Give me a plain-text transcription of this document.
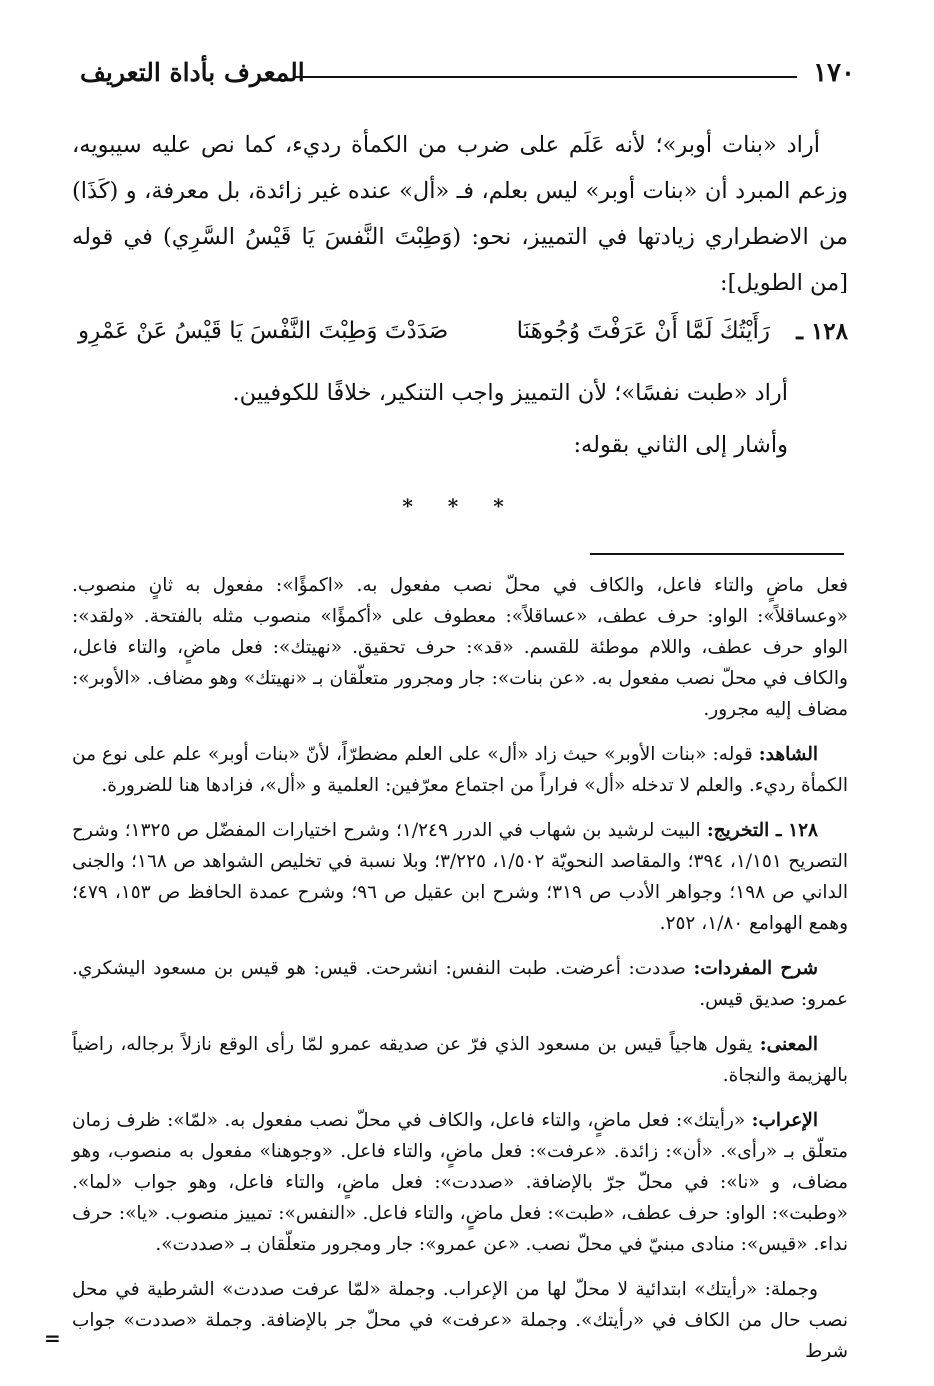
١٧٠
المعرف بأداة التعريف

أراد «بنات أوبر»؛ لأنه عَلَم على ضرب من الكمأة رديء، كما نص عليه سيبويه، وزعم المبرد أن «بنات أوبر» ليس بعلم، فـ «أل» عنده غير زائدة، بل معرفة، و (كَذَا) من الاضطراري زيادتها في التمييز، نحو: (وَطِبْتَ النَّفسَ يَا قَيْسُ السَّرِي) في قوله [من الطويل]:

١٢٨ ـ
رَأَيْتُكَ لَمَّا أَنْ عَرَفْتَ وُجُوهَنَا
صَدَدْتَ وَطِبْتَ النَّفْسَ يَا قَيْسُ عَنْ عَمْرِو
أراد «طبت نفسًا»؛ لأن التمييز واجب التنكير، خلافًا للكوفيين.
وأشار إلى الثاني بقوله:
* * *

فعل ماضٍ والتاء فاعل، والكاف في محلّ نصب مفعول به. «اكمؤًا»: مفعول به ثانٍ منصوب. «وعساقلاً»: الواو: حرف عطف، «عساقلاً»: معطوف على «أكمؤًا» منصوب مثله بالفتحة. «ولقد»: الواو حرف عطف، واللام موطئة للقسم. «قد»: حرف تحقيق. «نهيتك»: فعل ماضٍ، والتاء فاعل، والكاف في محلّ نصب مفعول به. «عن بنات»: جار ومجرور متعلّقان بـ «نهيتك» وهو مضاف. «الأوبر»: مضاف إليه مجرور.

الشاهد: قوله: «بنات الأوبر» حيث زاد «أل» على العلم مضطرّاً، لأنّ «بنات أوبر» علم على نوع من الكمأة رديء. والعلم لا تدخله «أل» فراراً من اجتماع معرّفين: العلمية و «أل»، فزادها هنا للضرورة.

١٢٨ ـ التخريج: البيت لرشيد بن شهاب في الدرر ١/٢٤٩؛ وشرح اختيارات المفضّل ص ١٣٢٥؛ وشرح التصريح ١/١٥١، ٣٩٤؛ والمقاصد النحويّة ١/٥٠٢، ٣/٢٢٥؛ وبلا نسبة في تخليص الشواهد ص ١٦٨؛ والجنى الداني ص ١٩٨؛ وجواهر الأدب ص ٣١٩؛ وشرح ابن عقيل ص ٩٦؛ وشرح عمدة الحافظ ص ١٥٣، ٤٧٩؛ وهمع الهوامع ١/٨٠، ٢٥٢.

شرح المفردات: صددت: أعرضت. طبت النفس: انشرحت. قيس: هو قيس بن مسعود اليشكري. عمرو: صديق قيس.

المعنى: يقول هاجياً قيس بن مسعود الذي فرّ عن صديقه عمرو لمّا رأى الوقع نازلاً برجاله، راضياً بالهزيمة والنجاة.

الإعراب: «رأيتك»: فعل ماضٍ، والتاء فاعل، والكاف في محلّ نصب مفعول به. «لمّا»: ظرف زمان متعلّق بـ «رأى». «أن»: زائدة. «عرفت»: فعل ماضٍ، والتاء فاعل. «وجوهنا» مفعول به منصوب، وهو مضاف، و «نا»: في محلّ جرّ بالإضافة. «صددت»: فعل ماضٍ، والتاء فاعل، وهو جواب «لما». «وطبت»: الواو: حرف عطف، «طبت»: فعل ماضٍ، والتاء فاعل. «النفس»: تمييز منصوب. «يا»: حرف نداء. «قيس»: منادى مبنيّ في محلّ نصب. «عن عمرو»: جار ومجرور متعلّقان بـ «صددت».

وجملة: «رأيتك» ابتدائية لا محلّ لها من الإعراب. وجملة «لمّا عرفت صددت» الشرطية في محل نصب حال من الكاف في «رأيتك». وجملة «عرفت» في محلّ جر بالإضافة. وجملة «صددت» جواب شرط

=
